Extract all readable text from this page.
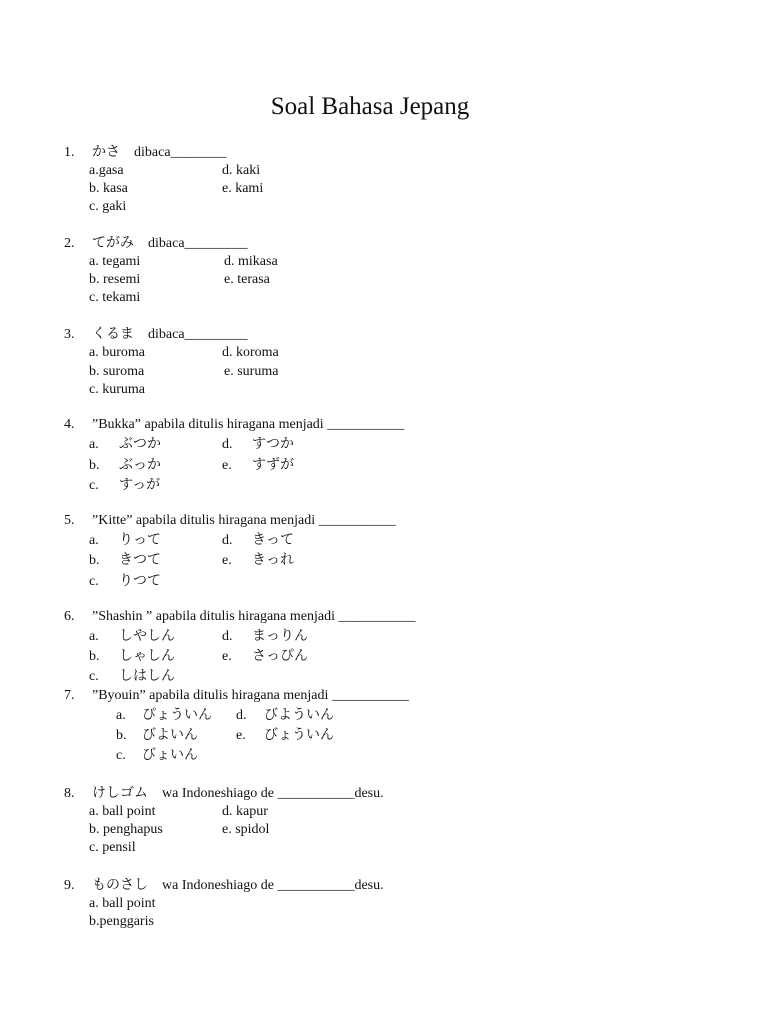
Soal Bahasa Jepang
1. かさ dibaca________
a.gasa
b. kasa
c. gaki
d. kaki
e. kami
2. てがみ dibaca_________
a. tegami
b. resemi
c. tekami
d. mikasa
e. terasa
3. くるま dibaca_________
a. buroma
b. suroma
c. kuruma
d. koroma
e. suruma
4. ”Bukka” apabila ditulis hiragana menjadi ___________
a. ぶつか
b. ぶっか
c. すっが
d. すつか
e. すずが
5. ”Kitte” apabila ditulis hiragana menjadi ___________
a. りって
b. きつて
c. りつて
d. きって
e. きっれ
6. ”Shashin ” apabila ditulis hiragana menjadi ___________
a. しやしん
b. しゃしん
c. しはしん
d. まっりん
e. さっぴん
7. ”Byouin” apabila ditulis hiragana menjadi ___________
a. ぴょういん
b. びよいん
c. びょいん
d. びよういん
e. びょういん
8. けしゴム wa Indoneshiago de ___________desu.
a. ball point
b. penghapus
c. pensil
d. kapur
e. spidol
9. ものさし wa Indoneshiago de ___________desu.
a. ball point
b.penggaris
